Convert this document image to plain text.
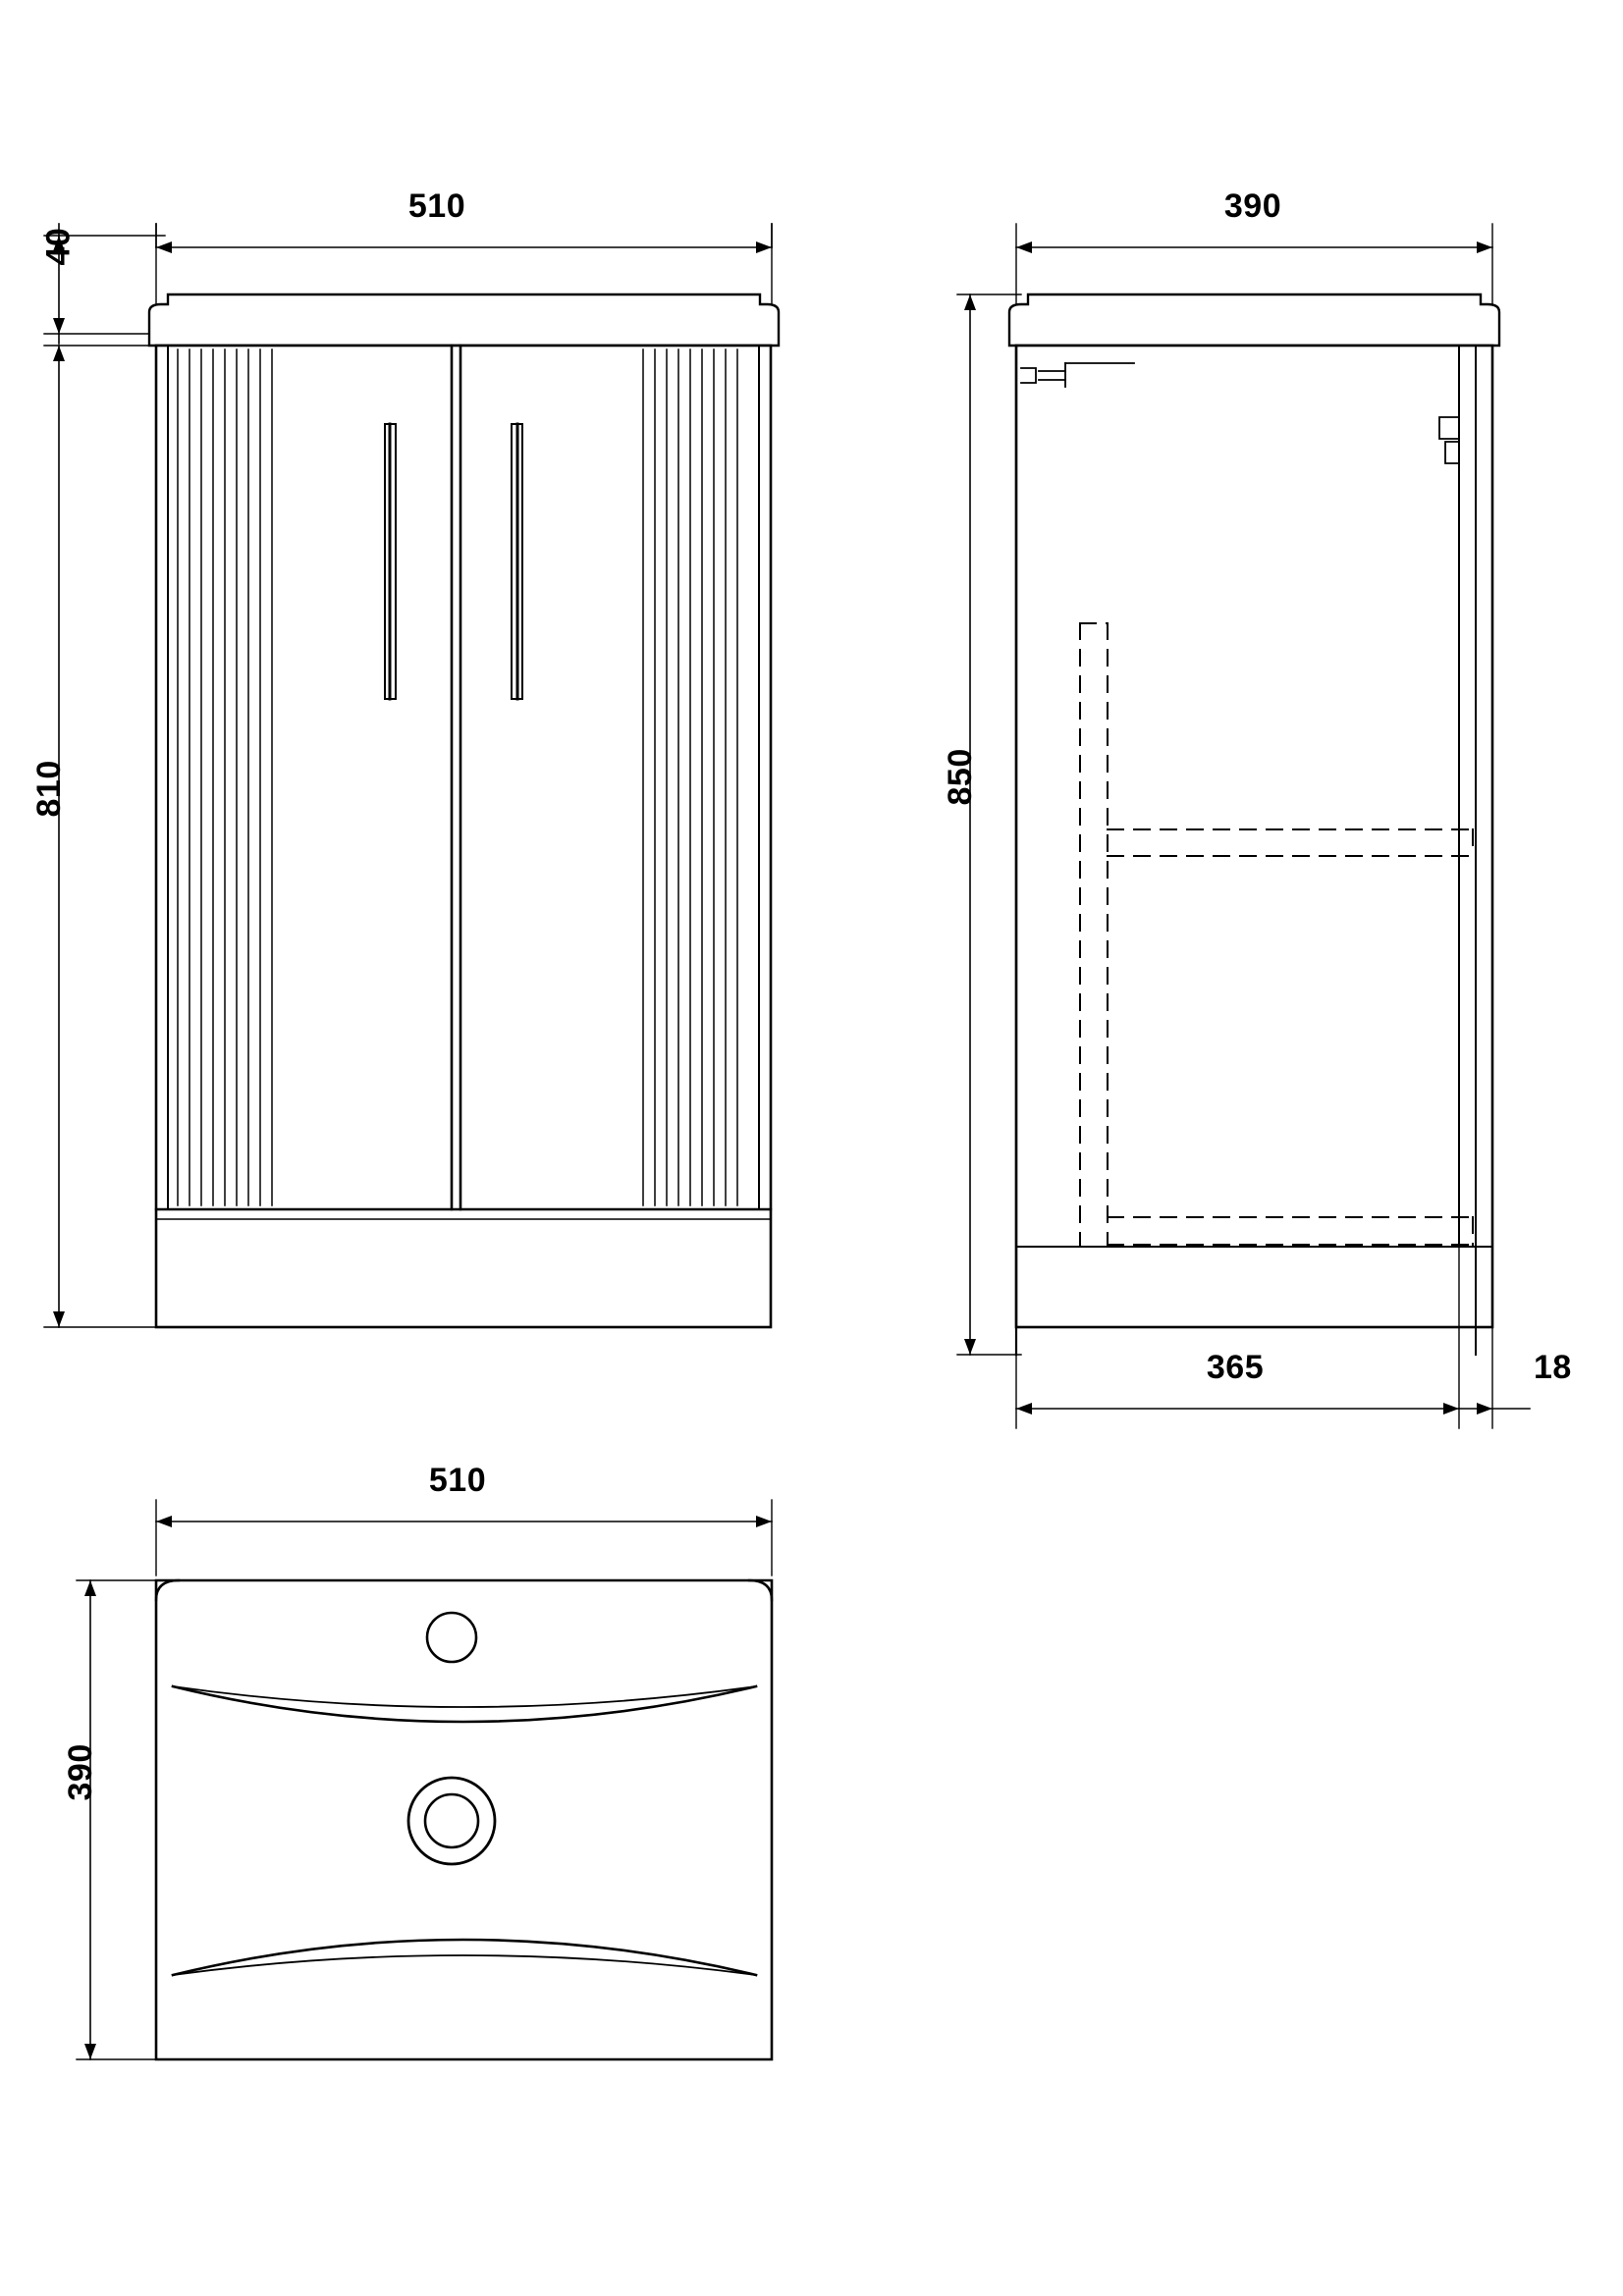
510
40
810
390
850
365	18
510
390
